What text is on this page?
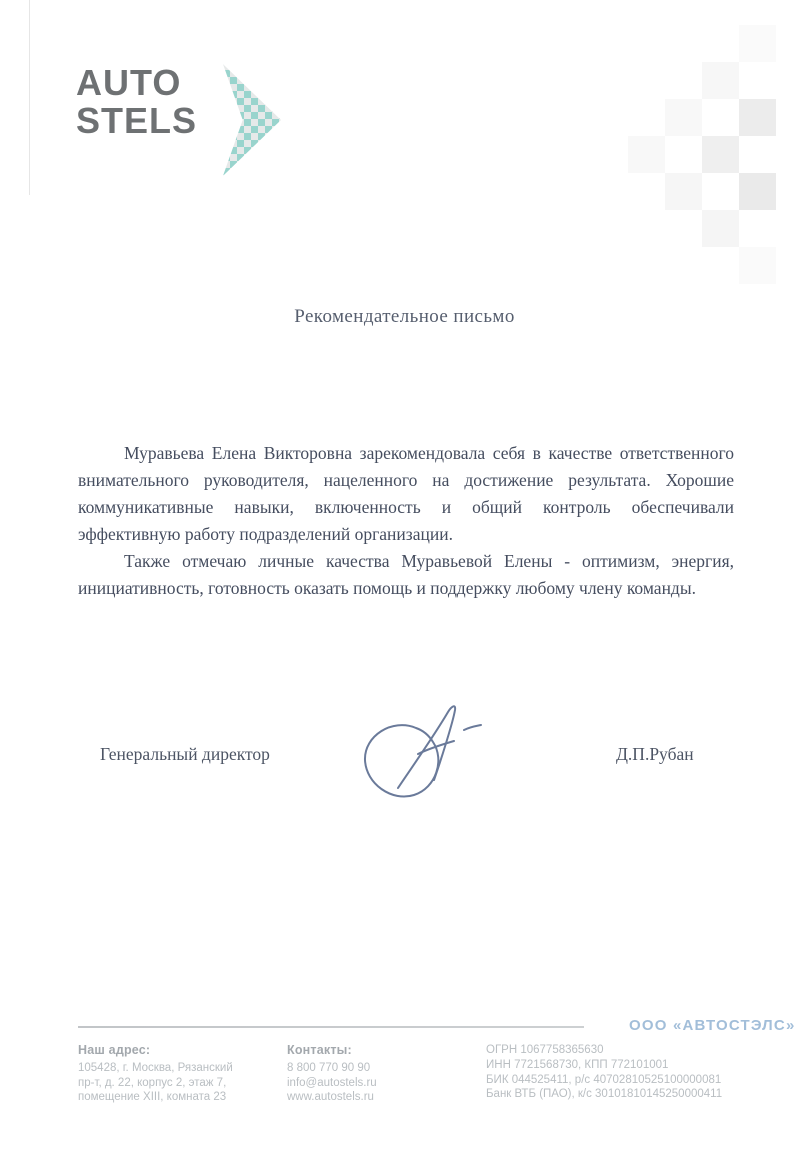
AUTO
STELS
Рекомендательное письмо

Муравьева Елена Викторовна зарекомендовала себя в качестве ответственного внимательного руководителя, нацеленного на достижение результата. Хорошие коммуникативные навыки, включенность и общий контроль обеспечивали эффективную работу подразделений организации.

Также отмечаю личные качества Муравьевой Елены - оптимизм, энергия, инициативность, готовность оказать помощь и поддержку любому члену команды.

Генеральный директор	Д.П.Рубан
ООО «АВТОСТЭЛС»
Наш адрес:
105428, г. Москва, Рязанский
пр-т, д. 22, корпус 2, этаж 7,
помещение XIII, комната 23
Контакты:
8 800 770 90 90
info@autostels.ru
www.autostels.ru
ОГРН 1067758365630
ИНН 7721568730, КПП 772101001
БИК 044525411, р/с 40702810525100000081
Банк ВТБ (ПАО), к/с 30101810145250000411
